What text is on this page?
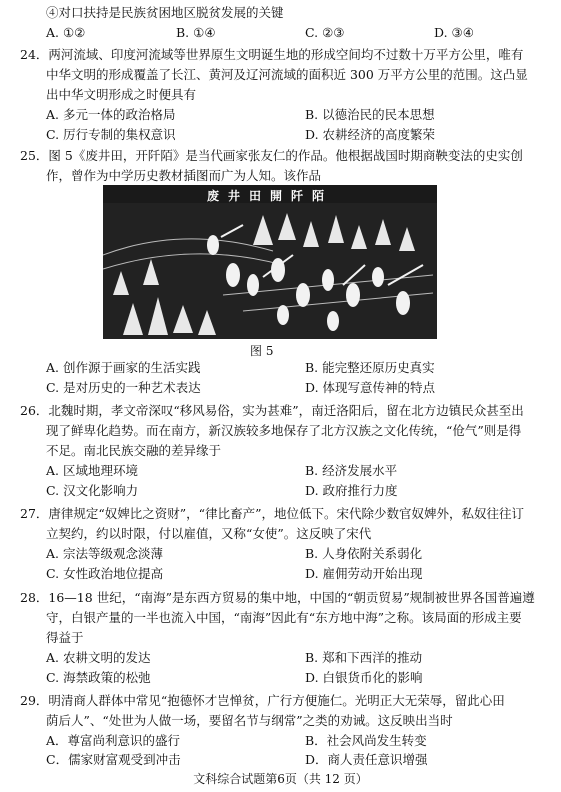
④对口扶持是民族贫困地区脱贫发展的关键
A. ①②	B. ①④	C. ②③	D. ③④
24．两河流域、印度河流域等世界原生文明诞生地的形成空间均不过数十万平方公里，唯有
中华文明的形成覆盖了长江、黄河及辽河流域的面积近 300 万平方公里的范围。这凸显
出中华文明形成之时便具有
A. 多元一体的政治格局	B. 以德治民的民本思想
C. 厉行专制的集权意识	D. 农耕经济的高度繁荣
25．图 5《废井田，开阡陌》是当代画家张友仁的作品。他根据战国时期商鞅变法的史实创
作，曾作为中学历史教材插图而广为人知。该作品
废井田開阡陌
图 5
A. 创作源于画家的生活实践	B. 能完整还原历史真实
C. 是对历史的一种艺术表达	D. 体现写意传神的特点
26．北魏时期，孝文帝深叹“移风易俗，实为甚难”，南迁洛阳后，留在北方边镇民众甚至出
现了鲜卑化趋势。而在南方，新汉族较多地保存了北方汉族之文化传统，“伧气”则是得
不足。南北民族交融的差异缘于
A. 区域地理环境	B. 经济发展水平
C. 汉文化影响力	D. 政府推行力度
27．唐律规定“奴婢比之资财”，“律比畜产”，地位低下。宋代除少数官奴婢外，私奴往往订
立契约，约以时限，付以雇值，又称“女使”。这反映了宋代
A. 宗法等级观念淡薄	B. 人身依附关系弱化
C. 女性政治地位提高	D. 雇佣劳动开始出现
28．16—18 世纪，“南海”是东西方贸易的集中地，中国的“朝贡贸易”规制被世界各国普遍遵
守，白银产量的一半也流入中国，“南海”因此有“东方地中海”之称。该局面的形成主要
得益于
A. 农耕文明的发达	B. 郑和下西洋的推动
C. 海禁政策的松弛	D. 白银货币化的影响
29．明清商人群体中常见“抱德怀才岂惮贫，广行方便施仁。光明正大无荣辱，留此心田
荫后人”、“处世为人做一场，要留名节与纲常”之类的劝诫。这反映出当时
A．尊富尚利意识的盛行	B．社会风尚发生转变
C．儒家财富观受到冲击	D．商人责任意识增强
文科综合试题第6页（共 12 页）
